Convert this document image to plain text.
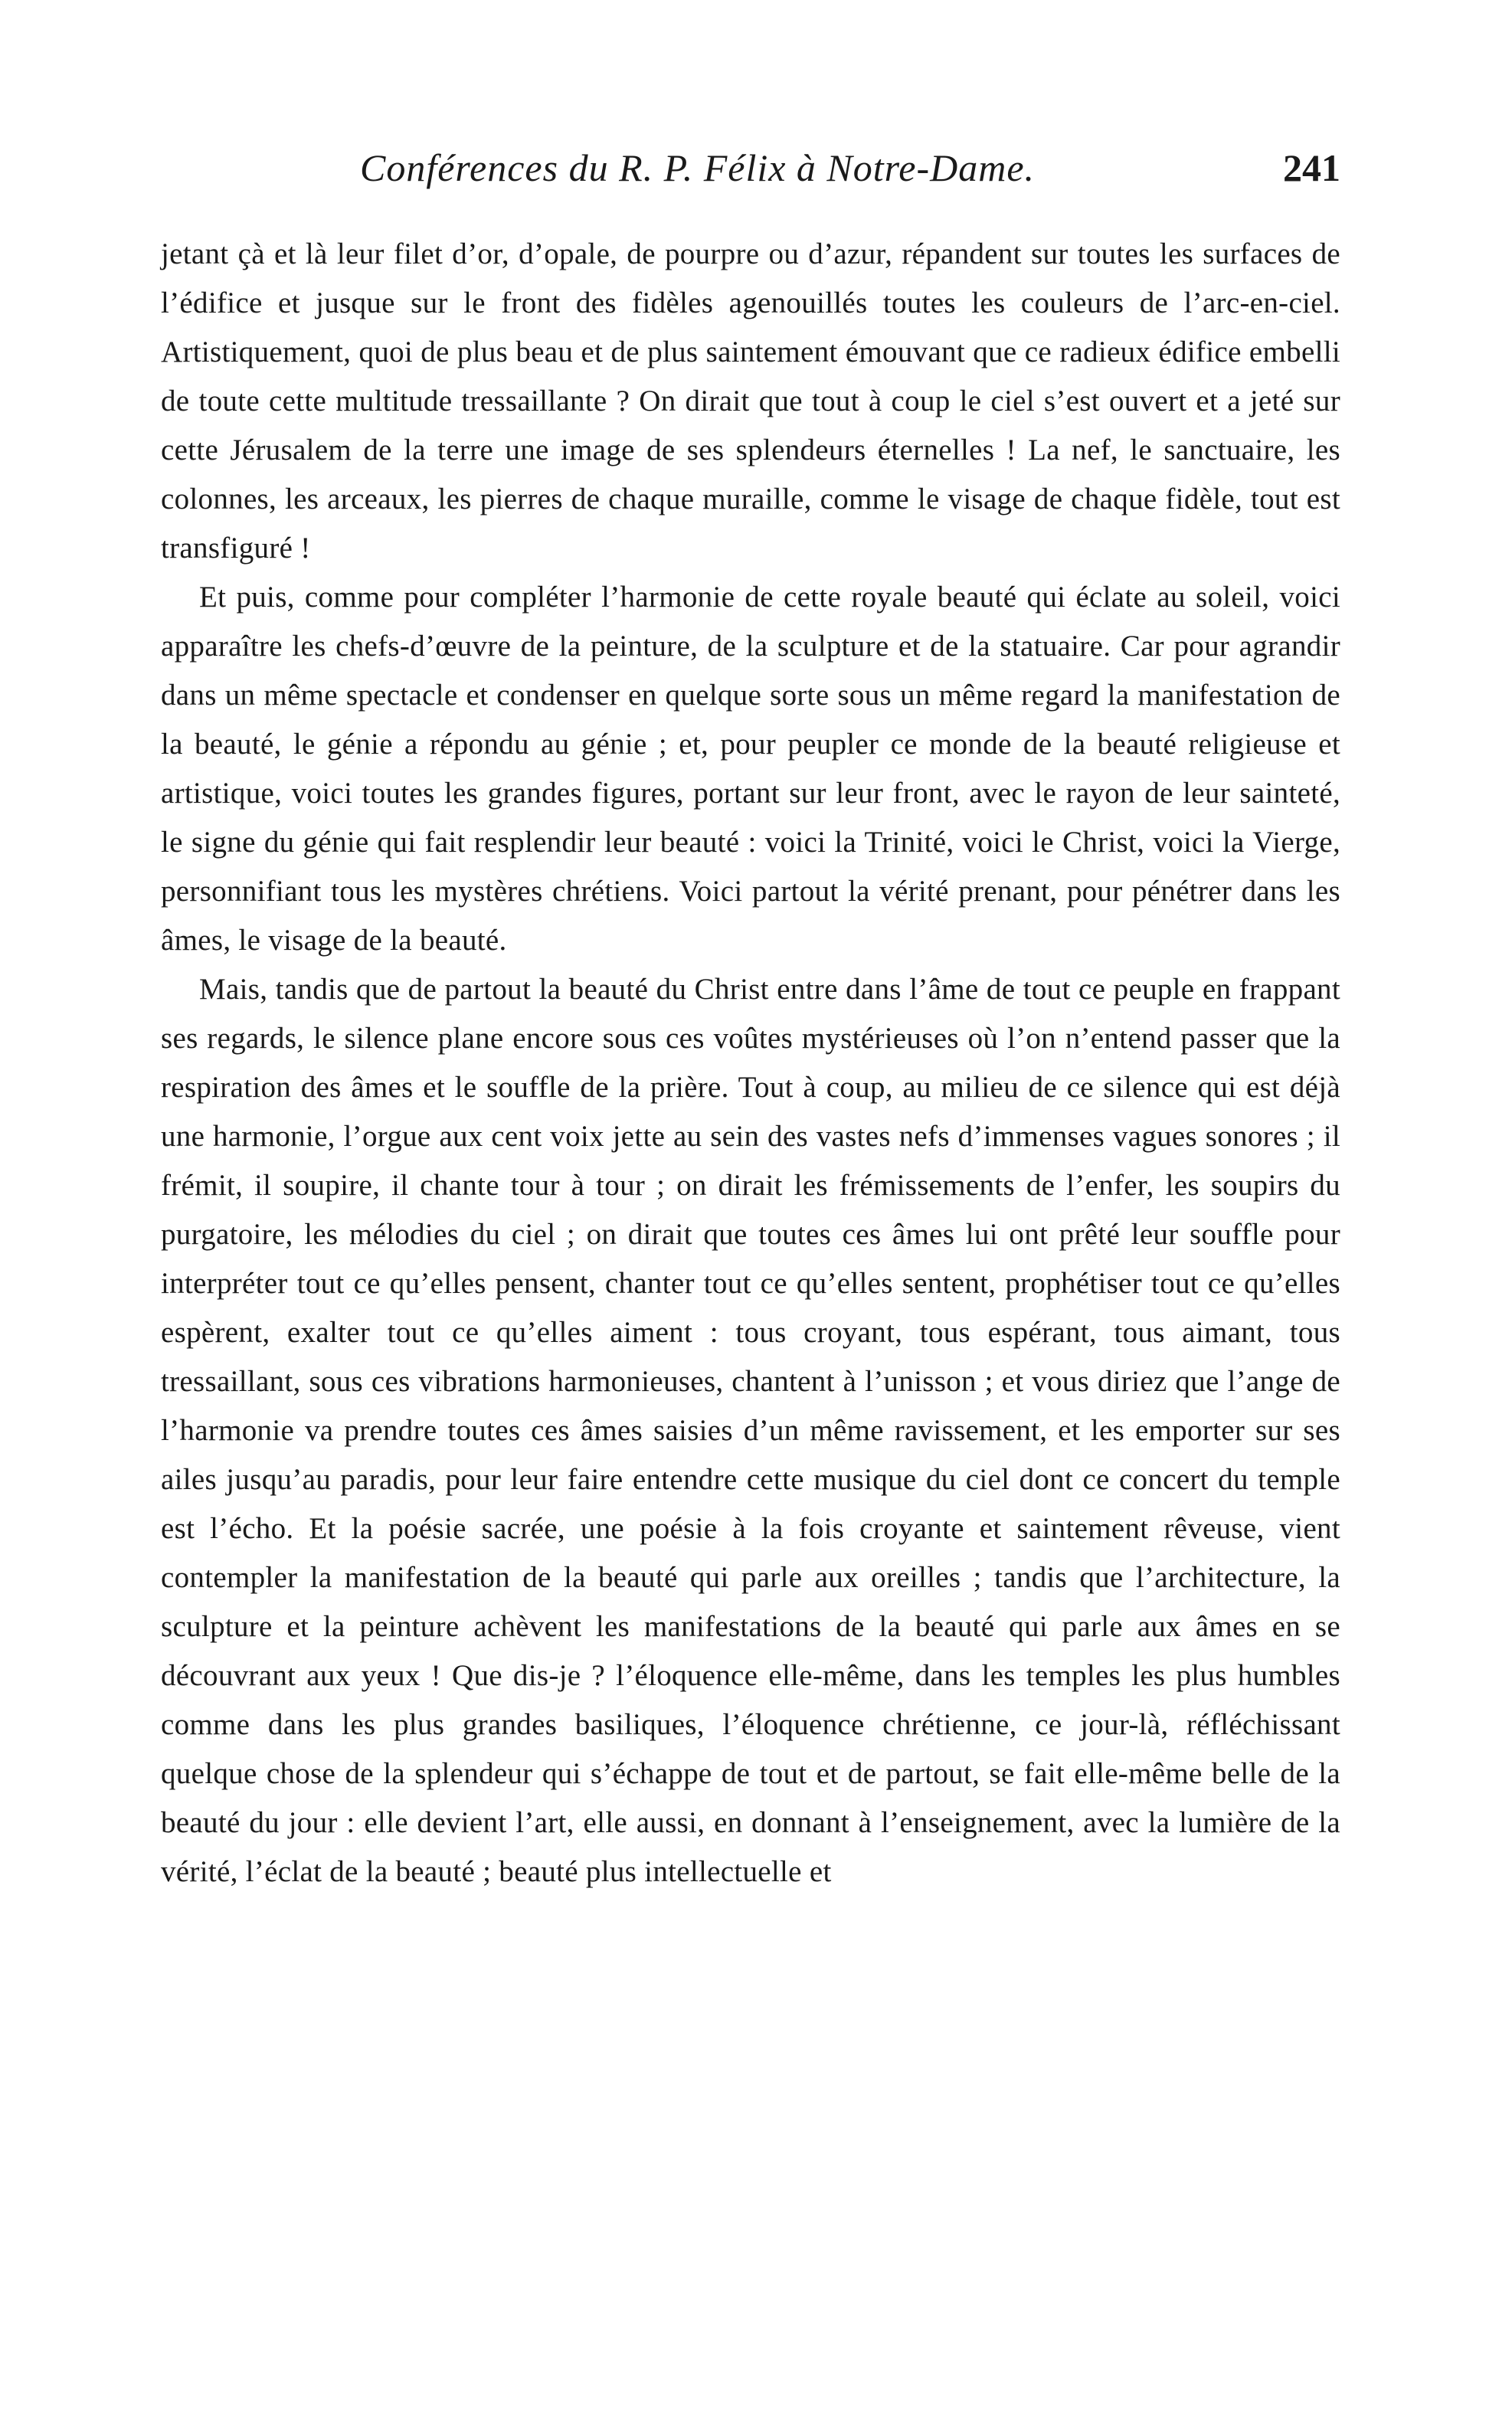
Conférences du R. P. Félix à Notre-Dame.	241

jetant çà et là leur filet d’or, d’opale, de pourpre ou d’azur, répandent sur toutes les surfaces de l’édifice et jusque sur le front des fidèles agenouillés toutes les couleurs de l’arc-en-ciel. Artistiquement, quoi de plus beau et de plus saintement émouvant que ce radieux édifice embelli de toute cette multitude tressaillante ? On dirait que tout à coup le ciel s’est ouvert et a jeté sur cette Jérusalem de la terre une image de ses splendeurs éternelles ! La nef, le sanctuaire, les colonnes, les arceaux, les pierres de chaque muraille, comme le visage de chaque fidèle, tout est transfiguré !

Et puis, comme pour compléter l’harmonie de cette royale beauté qui éclate au soleil, voici apparaître les chefs-d’œuvre de la peinture, de la sculpture et de la statuaire. Car pour agrandir dans un même spectacle et condenser en quelque sorte sous un même regard la manifestation de la beauté, le génie a répondu au génie ; et, pour peupler ce monde de la beauté religieuse et artistique, voici toutes les grandes figures, portant sur leur front, avec le rayon de leur sainteté, le signe du génie qui fait resplendir leur beauté : voici la Trinité, voici le Christ, voici la Vierge, personnifiant tous les mystères chrétiens. Voici partout la vérité prenant, pour pénétrer dans les âmes, le visage de la beauté.

Mais, tandis que de partout la beauté du Christ entre dans l’âme de tout ce peuple en frappant ses regards, le silence plane encore sous ces voûtes mystérieuses où l’on n’entend passer que la respiration des âmes et le souffle de la prière. Tout à coup, au milieu de ce silence qui est déjà une harmonie, l’orgue aux cent voix jette au sein des vastes nefs d’immenses vagues sonores ; il frémit, il soupire, il chante tour à tour ; on dirait les frémissements de l’enfer, les soupirs du purgatoire, les mélodies du ciel ; on dirait que toutes ces âmes lui ont prêté leur souffle pour interpréter tout ce qu’elles pensent, chanter tout ce qu’elles sentent, prophétiser tout ce qu’elles espèrent, exalter tout ce qu’elles aiment : tous croyant, tous espérant, tous aimant, tous tressaillant, sous ces vibrations harmonieuses, chantent à l’unisson ; et vous diriez que l’ange de l’harmonie va prendre toutes ces âmes saisies d’un même ravissement, et les emporter sur ses ailes jusqu’au paradis, pour leur faire entendre cette musique du ciel dont ce concert du temple est l’écho. Et la poésie sacrée, une poésie à la fois croyante et saintement rêveuse, vient contempler la manifestation de la beauté qui parle aux oreilles ; tandis que l’architecture, la sculpture et la peinture achèvent les manifestations de la beauté qui parle aux âmes en se découvrant aux yeux ! Que dis-je ? l’éloquence elle-même, dans les temples les plus humbles comme dans les plus grandes basiliques, l’éloquence chrétienne, ce jour-là, réfléchissant quelque chose de la splendeur qui s’échappe de tout et de partout, se fait elle-même belle de la beauté du jour : elle devient l’art, elle aussi, en donnant à l’enseignement, avec la lumière de la vérité, l’éclat de la beauté ; beauté plus intellectuelle et
